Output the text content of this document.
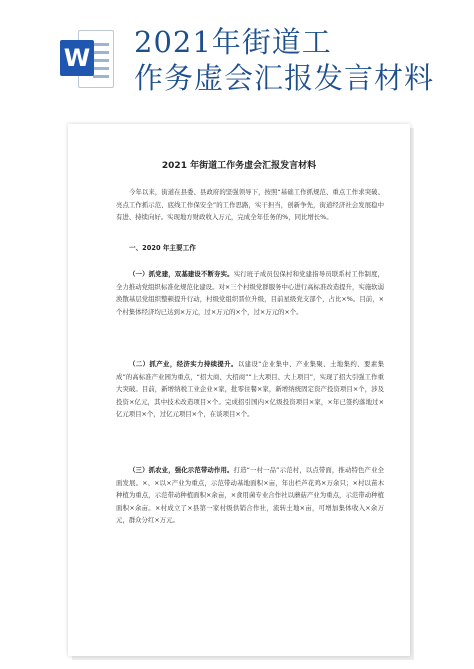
W 2021年街道工
作务虚会汇报发言材料
2021 年街道工作务虚会汇报发言材料
今年以来，街道在县委、县政府的坚强领导下，按照“基础工作抓规范、重点工作求突破、亮点工作抓示范、底线工作保安全”的工作思路，实干担当，创新争先，街道经济社会发展稳中有进、持续向好。实现地方财政收入万元，完成全年任务的%，同比增长%。
一、2020 年主要工作
（一）抓党建，双基建设不断夯实。实行班子成员包保村和党建指导员联系村工作制度，全力推动党组织标准化规范化建设。对×三个村级党群服务中心进行高标准改造提升，实施软弱涣散基层党组织整顿提升行动，村级党组织晋位升级，目前星级党支部个，占比×%。目前，×个村集体经济均已达到×万元，过×万元的×个，过×万元的×个。
（二）抓产业，经济实力持续提升。以建设“企业集中、产业集聚、土地集约、要素集成”的高标准产业园为重点，“招大商、大招商”“上大项目、大上项目”，实现了招大引强工作重大突破。目前，新增纳税工业企业×家，批零住餐×家，新增纳统固定资产投资项目×个，涉及投资×亿元，其中技术改造项目×个。完成招引国内×亿级投资项目×家，×年已签约落地过×亿元项目×个，过亿元项目×个，在谈项目×个。
（三）抓农业，强化示范带动作用。打造“一村一品”示范村，以点带面，推动特色产业全面发展。×、×以×产业为重点，示范带动基地面积×亩，年出栏芦花鸡×万余只；×村以苗木种植为重点，示范带动种植面积×余亩，×食用菌专业合作社以蘑菇产业为重点，示范带动种植面积×余亩。×村成立了×县第一家村级供销合作社，流转土地×亩，可增加集体收入×余万元，群众分红×万元。
